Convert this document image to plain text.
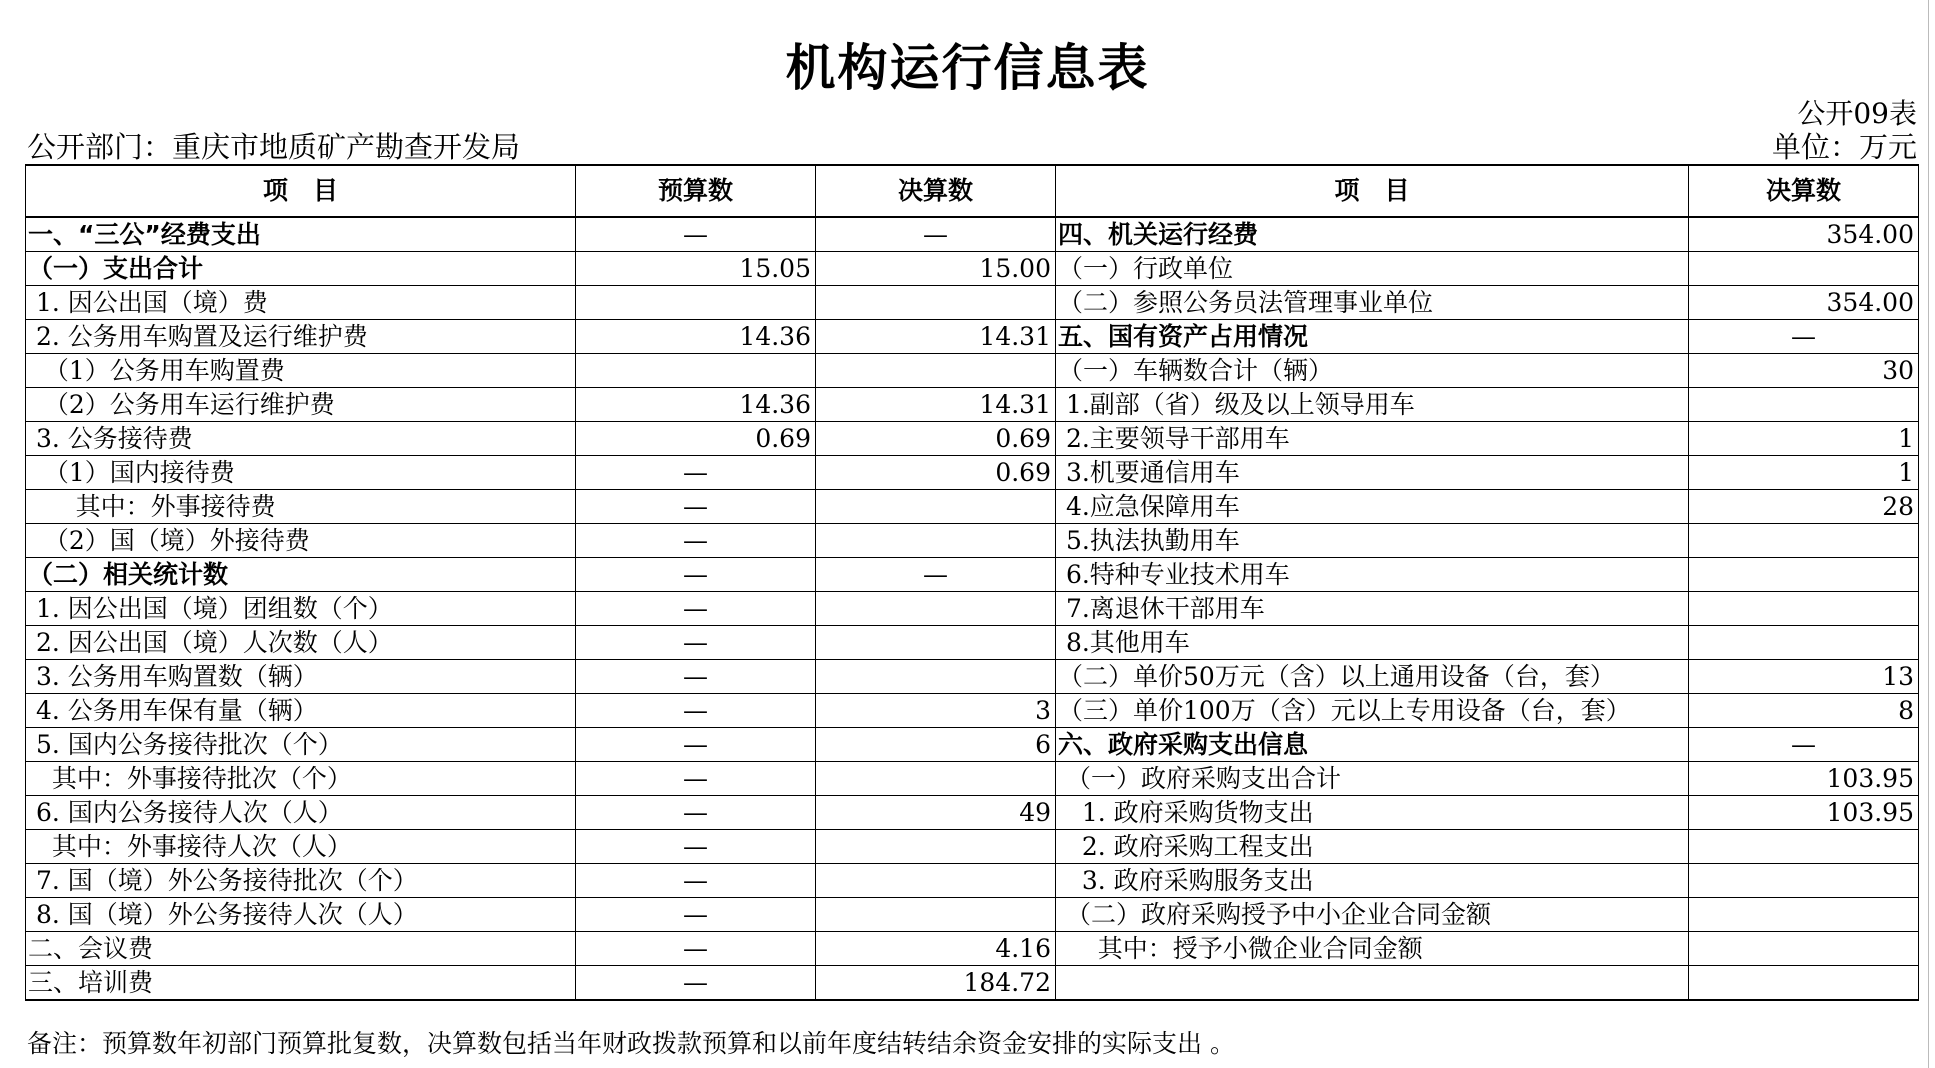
机构运行信息表
公开09表
公开部门：重庆市地质矿产勘查开发局	单位：万元
项　目	预算数	决算数	项　目	决算数
一、“三公”经费支出	—	—	四、机关运行经费	354.00
（一）支出合计	15.05	15.00	（一）行政单位	
1. 因公出国（境）费			（二）参照公务员法管理事业单位	354.00
2. 公务用车购置及运行维护费	14.36	14.31	五、国有资产占用情况	—
（1）公务用车购置费			（一）车辆数合计（辆）	30
（2）公务用车运行维护费	14.36	14.31	1.副部（省）级及以上领导用车	
3. 公务接待费	0.69	0.69	2.主要领导干部用车	1
（1）国内接待费	—	0.69	3.机要通信用车	1
其中：外事接待费	—		4.应急保障用车	28
（2）国（境）外接待费	—		5.执法执勤用车	
（二）相关统计数	—	—	6.特种专业技术用车	
1. 因公出国（境）团组数（个）	—		7.离退休干部用车	
2. 因公出国（境）人次数（人）	—		8.其他用车	
3. 公务用车购置数（辆）	—		（二）单价50万元（含）以上通用设备（台，套）	13
4. 公务用车保有量（辆）	—	3	（三）单价100万（含）元以上专用设备（台，套）	8
5. 国内公务接待批次（个）	—	6	六、政府采购支出信息	—
其中：外事接待批次（个）	—		（一）政府采购支出合计	103.95
6. 国内公务接待人次（人）	—	49	1. 政府采购货物支出	103.95
其中：外事接待人次（人）	—		2. 政府采购工程支出	
7. 国（境）外公务接待批次（个）	—		3. 政府采购服务支出	
8. 国（境）外公务接待人次（人）	—		（二）政府采购授予中小企业合同金额	
二、会议费	—	4.16	其中：授予小微企业合同金额	
三、培训费	—	184.72		
备注：预算数年初部门预算批复数，决算数包括当年财政拨款预算和以前年度结转结余资金安排的实际支出 。
